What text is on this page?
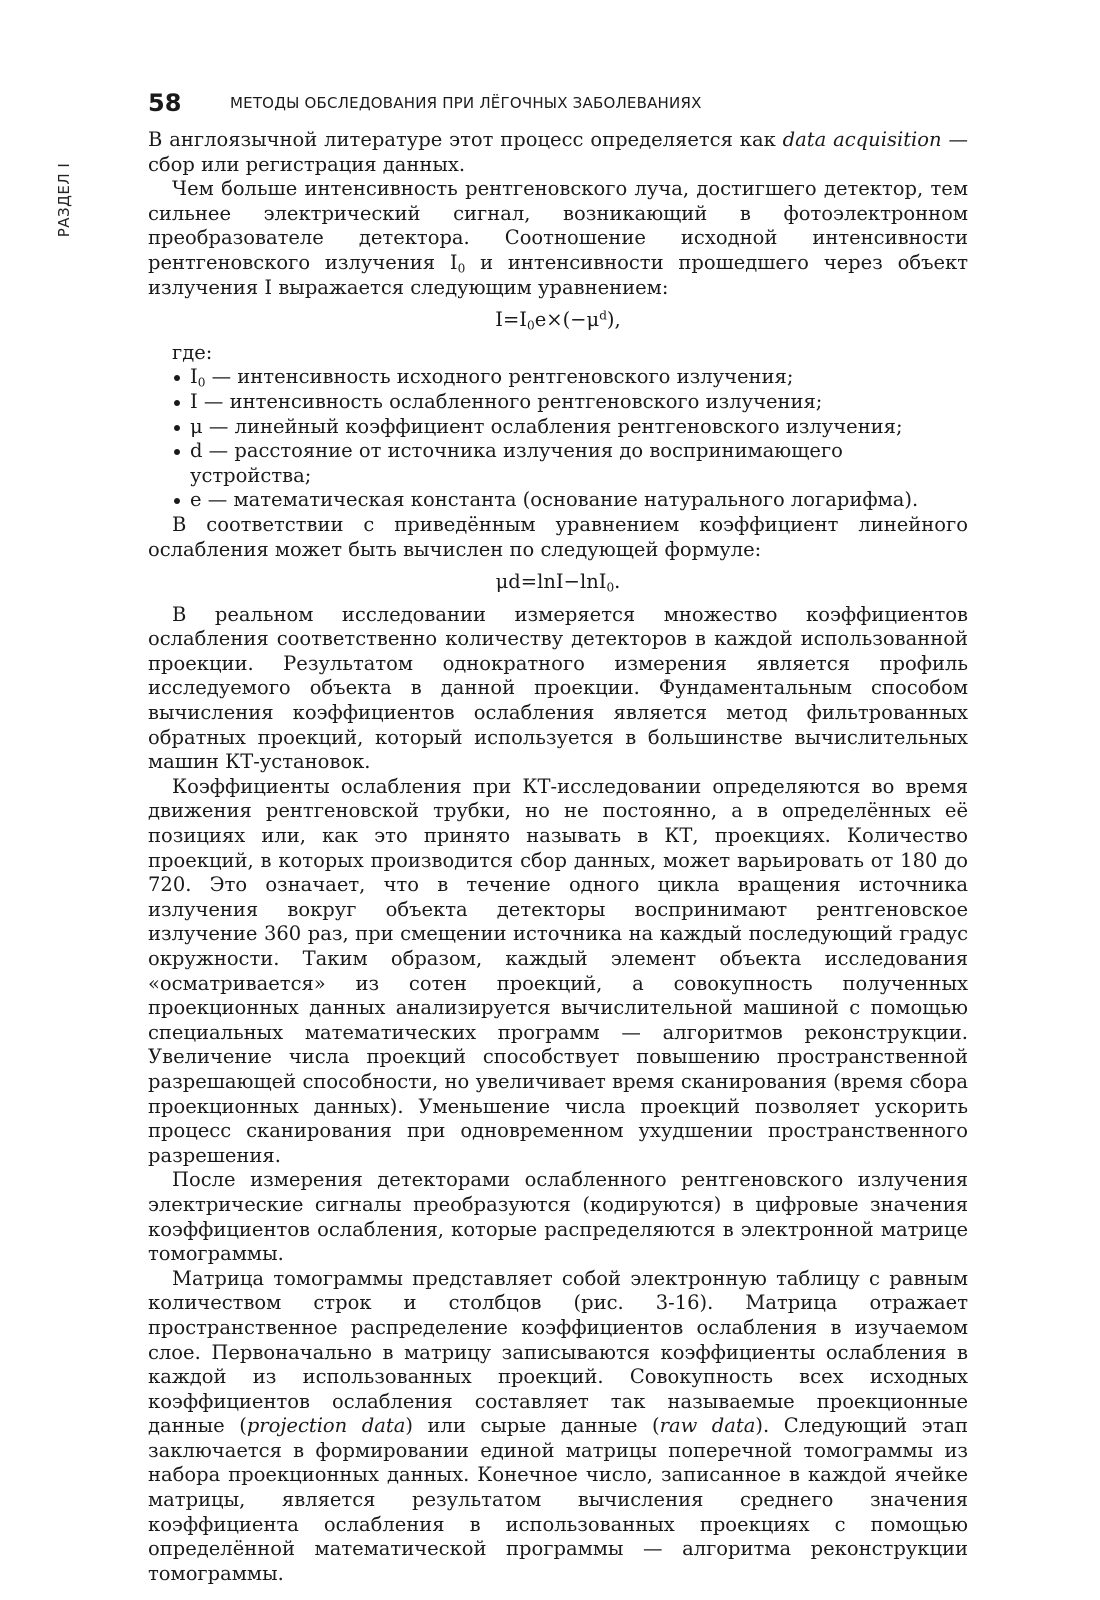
РАЗДЕЛ I
58	МЕТОДЫ ОБСЛЕДОВАНИЯ ПРИ ЛЁГОЧНЫХ ЗАБОЛЕВАНИЯХ

В англоязычной литературе этот процесс определяется как data acquisition — сбор или регистрация данных.

Чем больше интенсивность рентгеновского луча, достигшего детектор, тем сильнее электрический сигнал, возникающий в фотоэлектронном преобразователе детектора. Соотношение исходной интенсивности рентгеновского излучения $I_0$ и интенсивности прошедшего через объект излучения I выражается следующим уравнением:

$I=I_0e\times(-\mu^d)$,

где:

$I_0$ — интенсивность исходного рентгеновского излучения;
I — интенсивность ослабленного рентгеновского излучения;
μ — линейный коэффициент ослабления рентгеновского излучения;
d — расстояние от источника излучения до воспринимающего устройства;
e — математическая константа (основание натурального логарифма).

В соответствии с приведённым уравнением коэффициент линейного ослабления может быть вычислен по следующей формуле:

μd=lnI−lnI$_0$.

В реальном исследовании измеряется множество коэффициентов ослабления соответственно количеству детекторов в каждой использованной проекции. Результатом однократного измерения является профиль исследуемого объекта в данной проекции. Фундаментальным способом вычисления коэффициентов ослабления является метод фильтрованных обратных проекций, который используется в большинстве вычислительных машин КТ-установок.

Коэффициенты ослабления при КТ-исследовании определяются во время движения рентгеновской трубки, но не постоянно, а в определённых её позициях или, как это принято называть в КТ, проекциях. Количество проекций, в которых производится сбор данных, может варьировать от 180 до 720. Это означает, что в течение одного цикла вращения источника излучения вокруг объекта детекторы воспринимают рентгеновское излучение 360 раз, при смещении источника на каждый последующий градус окружности. Таким образом, каждый элемент объекта исследования «осматривается» из сотен проекций, а совокупность полученных проекционных данных анализируется вычислительной машиной с помощью специальных математических программ — алгоритмов реконструкции. Увеличение числа проекций способствует повышению пространственной разрешающей способности, но увеличивает время сканирования (время сбора проекционных данных). Уменьшение числа проекций позволяет ускорить процесс сканирования при одновременном ухудшении пространственного разрешения.

После измерения детекторами ослабленного рентгеновского излучения электрические сигналы преобразуются (кодируются) в цифровые значения коэффициентов ослабления, которые распределяются в электронной матрице томограммы.

Матрица томограммы представляет собой электронную таблицу с равным количеством строк и столбцов (рис. 3-16). Матрица отражает пространственное распределение коэффициентов ослабления в изучаемом слое. Первоначально в матрицу записываются коэффициенты ослабления в каждой из использованных проекций. Совокупность всех исходных коэффициентов ослабления составляет так называемые проекционные данные (projection data) или сырые данные (raw data). Следующий этап заключается в формировании единой матрицы поперечной томограммы из набора проекционных данных. Конечное число, записанное в каждой ячейке матрицы, является результатом вычисления среднего значения коэффициента ослабления в использованных проекциях с помощью определённой математической программы — алгоритма реконструкции томограммы.
